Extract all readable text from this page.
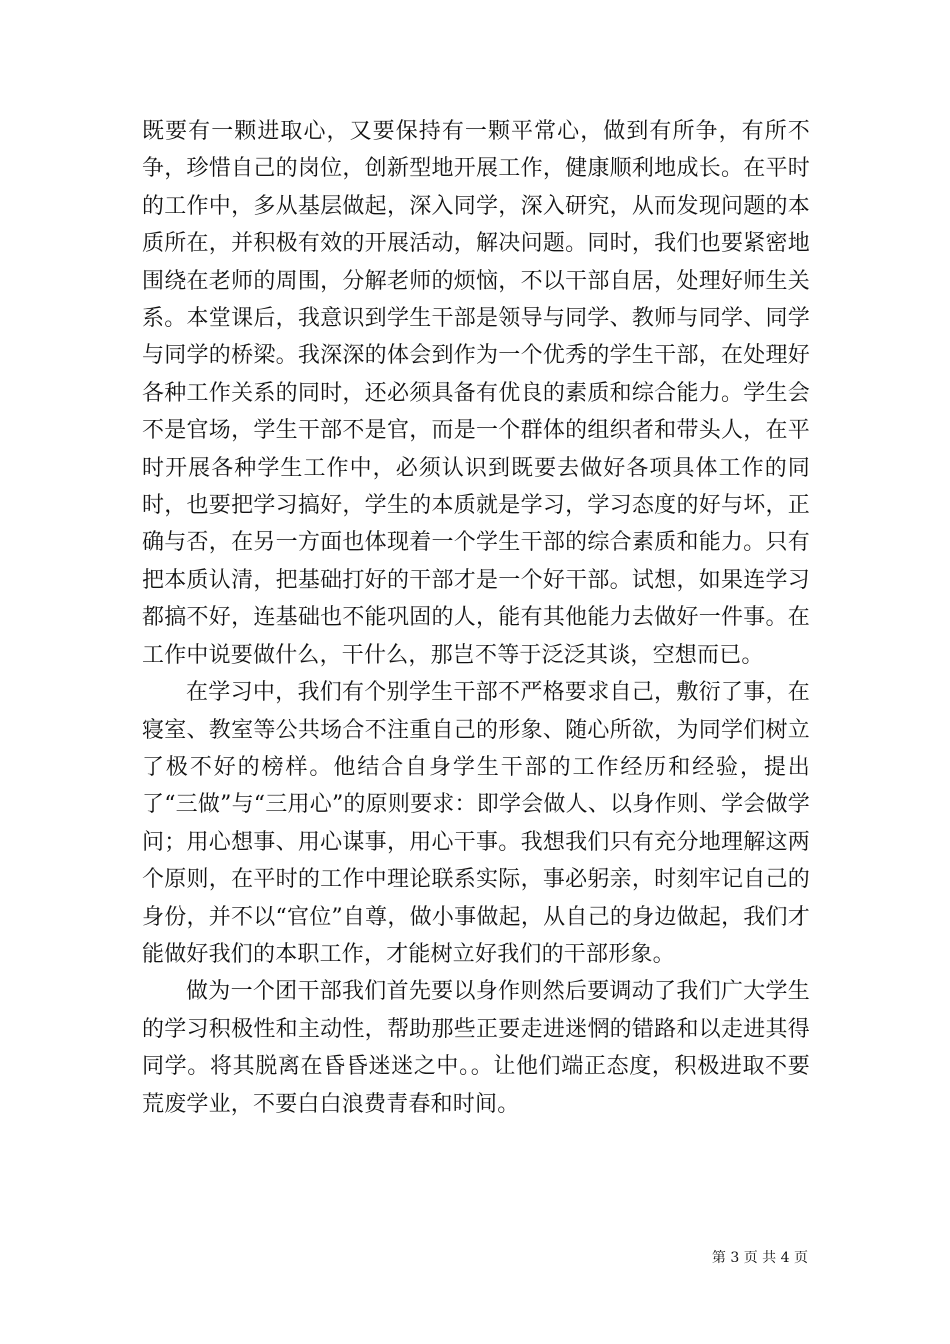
既要有一颗进取心，又要保持有一颗平常心，做到有所争，有所不争，珍惜自己的岗位，创新型地开展工作，健康顺利地成长。在平时的工作中，多从基层做起，深入同学，深入研究，从而发现问题的本质所在，并积极有效的开展活动，解决问题。同时，我们也要紧密地围绕在老师的周围，分解老师的烦恼，不以干部自居，处理好师生关系。本堂课后，我意识到学生干部是领导与同学、教师与同学、同学与同学的桥梁。我深深的体会到作为一个优秀的学生干部，在处理好各种工作关系的同时，还必须具备有优良的素质和综合能力。学生会不是官场，学生干部不是官，而是一个群体的组织者和带头人，在平时开展各种学生工作中，必须认识到既要去做好各项具体工作的同时，也要把学习搞好，学生的本质就是学习，学习态度的好与坏，正确与否，在另一方面也体现着一个学生干部的综合素质和能力。只有把本质认清，把基础打好的干部才是一个好干部。试想，如果连学习都搞不好，连基础也不能巩固的人，能有其他能力去做好一件事。在工作中说要做什么，干什么，那岂不等于泛泛其谈，空想而已。

在学习中，我们有个别学生干部不严格要求自己，敷衍了事，在寝室、教室等公共场合不注重自己的形象、随心所欲，为同学们树立了极不好的榜样。他结合自身学生干部的工作经历和经验，提出了“三做”与“三用心”的原则要求：即学会做人、以身作则、学会做学问；用心想事、用心谋事，用心干事。我想我们只有充分地理解这两个原则，在平时的工作中理论联系实际，事必躬亲，时刻牢记自己的身份，并不以“官位”自尊，做小事做起，从自己的身边做起，我们才能做好我们的本职工作，才能树立好我们的干部形象。

做为一个团干部我们首先要以身作则然后要调动了我们广大学生的学习积极性和主动性，帮助那些正要走进迷惘的错路和以走进其得同学。将其脱离在昏昏迷迷之中。。让他们端正态度，积极进取不要荒废学业，不要白白浪费青春和时间。

第 3 页 共 4 页
